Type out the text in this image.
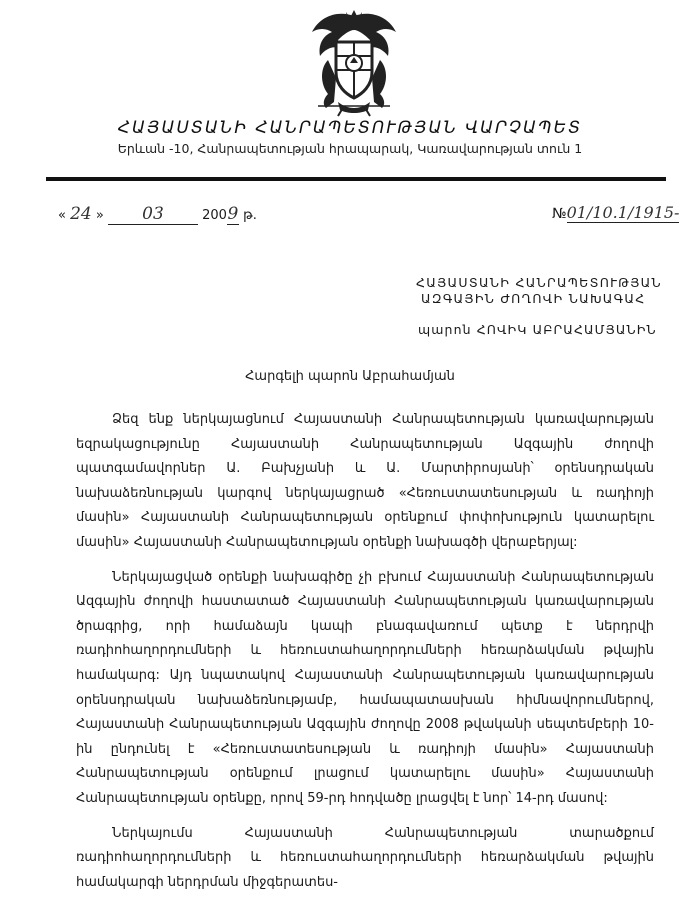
ՀԱՅԱՍՏԱՆԻ ՀԱՆՐԱՊԵՏՈՒԹՅԱՆ ՎԱՐՉԱՊԵՏ
Երևան -10, Հանրապետության հրապարակ, Կառավարության տուն 1
« 24 » 03	2009 թ.	№01/10.1/1915-
ՀԱՅԱՍՏԱՆԻ ՀԱՆՐԱՊԵՏՈՒԹՅԱՆ
ԱԶԳԱՅԻՆ ԺՈՂՈՎԻ ՆԱԽԱԳԱՀ
պարոն ՀՈՎԻԿ ԱԲՐԱՀԱՄՅԱՆԻՆ
Հարգելի պարոն Աբրահամյան

Ձեզ ենք ներկայացնում Հայաստանի Հանրապետության կառավարության եզրակացությունը Հայաստանի Հանրապետության Ազգային ժողովի պատգամավորներ Ա. Բախչյանի և Ա. Մարտիրոսյանի՝ օրենսդրական նախաձեռնության կարգով ներկայացրած «Հեռուստատեսության և ռադիոյի մասին» Հայաստանի Հանրապետության օրենքում փոփոխություն կատարելու մասին» Հայաստանի Հանրապետության օրենքի նախագծի վերաբերյալ:

Ներկայացված օրենքի նախագիծը չի բխում Հայաստանի Հանրապետության Ազգային ժողովի հաստատած Հայաստանի Հանրապետության կառավարության ծրագրից, որի համաձայն կապի բնագավառում պետք է ներդրվի ռադիոհաղորդումների և հեռուստահաղորդումների հեռարձակման թվային համակարգ: Այդ նպատակով Հայաստանի Հանրապետության կառավարության օրենսդրական նախաձեռնությամբ, համապատասխան հիմնավորումներով, Հայաստանի Հանրապետության Ազգային ժողովը 2008 թվականի սեպտեմբերի 10-ին ընդունել է «Հեռուստատեսության և ռադիոյի մասին» Հայաստանի Հանրապետության օրենքում լրացում կատարելու մասին» Հայաստանի Հանրապետության օրենքը, որով 59-րդ հոդվածը լրացվել է նոր՝ 14-րդ մասով:

Ներկայումս Հայաստանի Հանրապետության տարածքում ռադիոհաղորդումների և հեռուստահաղորդումների հեռարձակման թվային համակարգի ներդրման միջգերատես-
